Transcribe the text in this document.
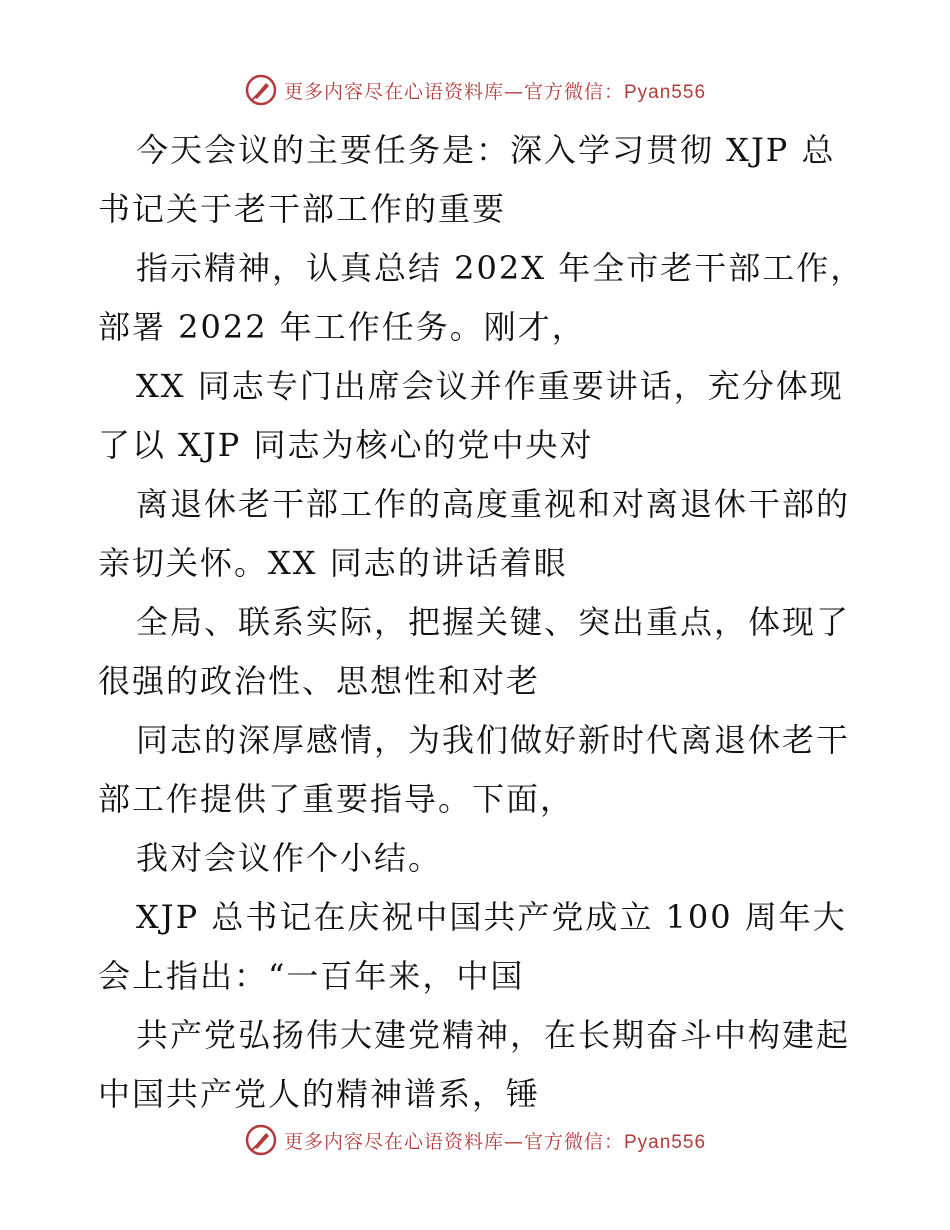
更多内容尽在心语资料库—官方微信：Pyan556
今天会议的主要任务是：深入学习贯彻 XJP 总
书记关于老干部工作的重要
指示精神，认真总结 202X 年全市老干部工作，
部署 2022 年工作任务。刚才，
XX 同志专门出席会议并作重要讲话，充分体现
了以 XJP 同志为核心的党中央对
离退休老干部工作的高度重视和对离退休干部的
亲切关怀。XX 同志的讲话着眼
全局、联系实际，把握关键、突出重点，体现了
很强的政治性、思想性和对老
同志的深厚感情，为我们做好新时代离退休老干
部工作提供了重要指导。下面，
我对会议作个小结。
XJP 总书记在庆祝中国共产党成立 100 周年大
会上指出：“一百年来，中国
共产党弘扬伟大建党精神，在长期奋斗中构建起
中国共产党人的精神谱系，锤
更多内容尽在心语资料库—官方微信：Pyan556
